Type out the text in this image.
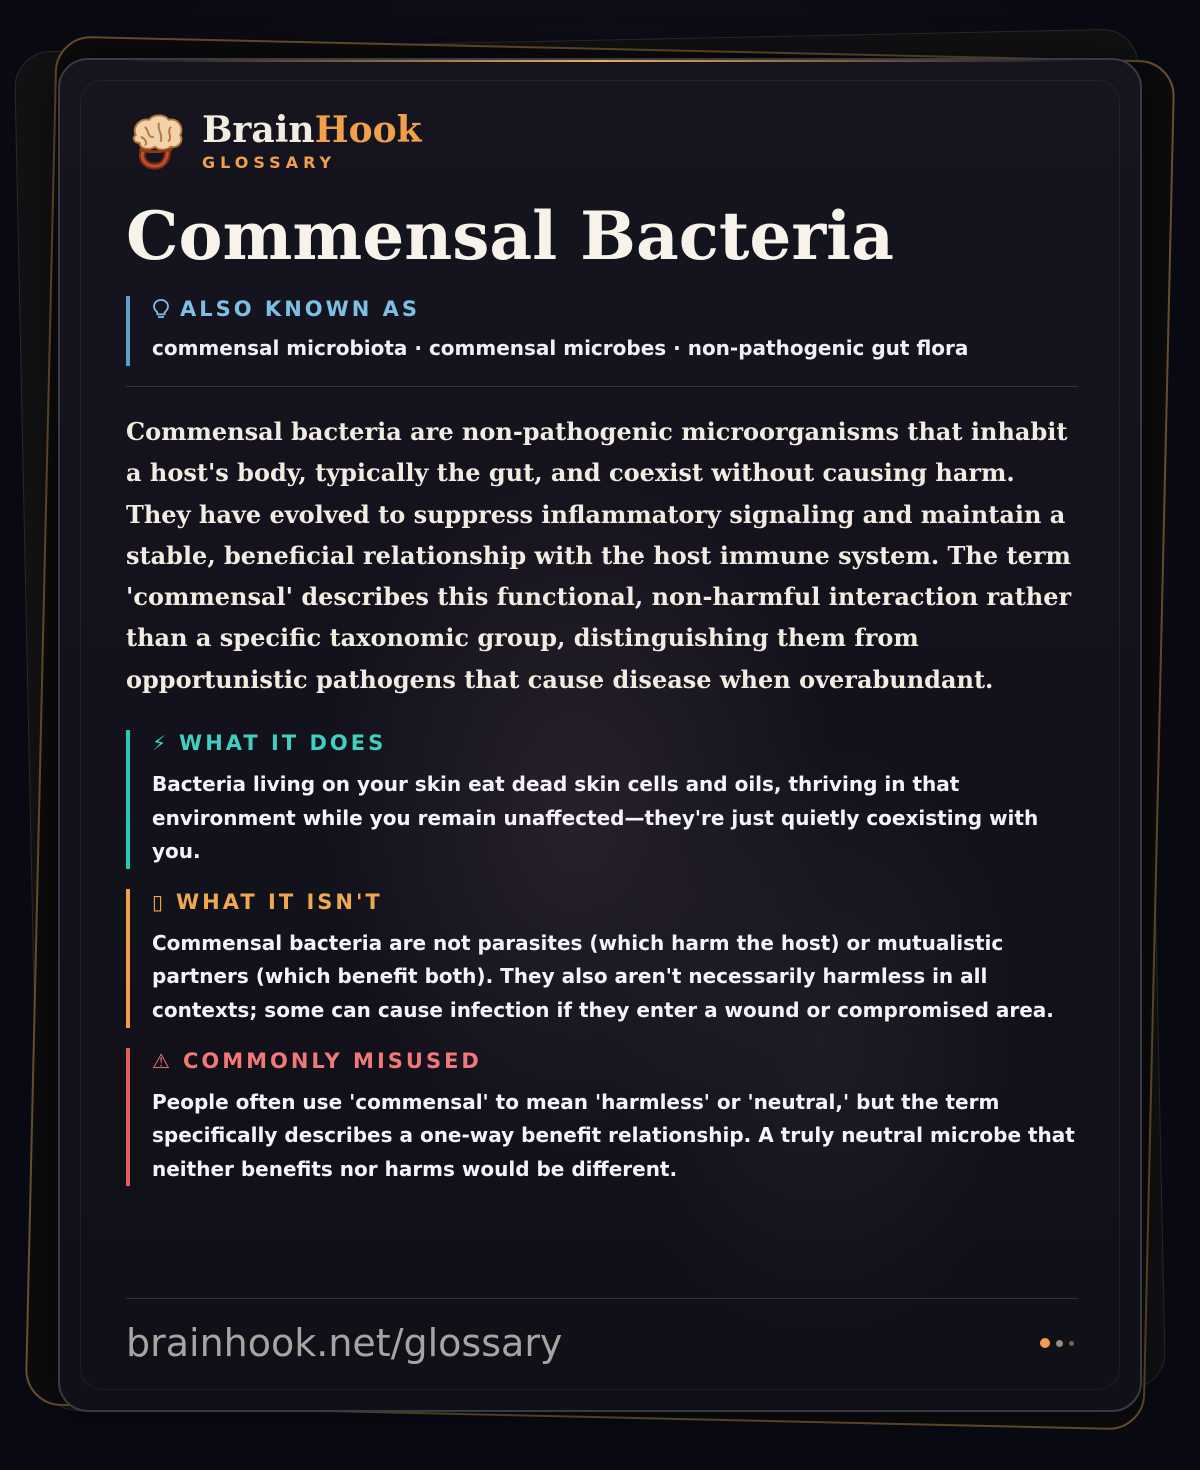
BrainHook
GLOSSARY
Commensal Bacteria
ALSO KNOWN AS
commensal microbiota · commensal microbes · non-pathogenic gut flora

Commensal bacteria are non-pathogenic microorganisms that inhabit a host's body, typically the gut, and coexist without causing harm. They have evolved to suppress inflammatory signaling and maintain a stable, beneficial relationship with the host immune system. The term 'commensal' describes this functional, non-harmful interaction rather than a specific taxonomic group, distinguishing them from opportunistic pathogens that cause disease when overabundant.

⚡ WHAT IT DOES

Bacteria living on your skin eat dead skin cells and oils, thriving in that environment while you remain unaffected—they're just quietly coexisting with you.

▯ WHAT IT ISN'T

Commensal bacteria are not parasites (which harm the host) or mutualistic partners (which benefit both). They also aren't necessarily harmless in all contexts; some can cause infection if they enter a wound or compromised area.

⚠ COMMONLY MISUSED

People often use 'commensal' to mean 'harmless' or 'neutral,' but the term specifically describes a one-way benefit relationship. A truly neutral microbe that neither benefits nor harms would be different.

brainhook.net/glossary
